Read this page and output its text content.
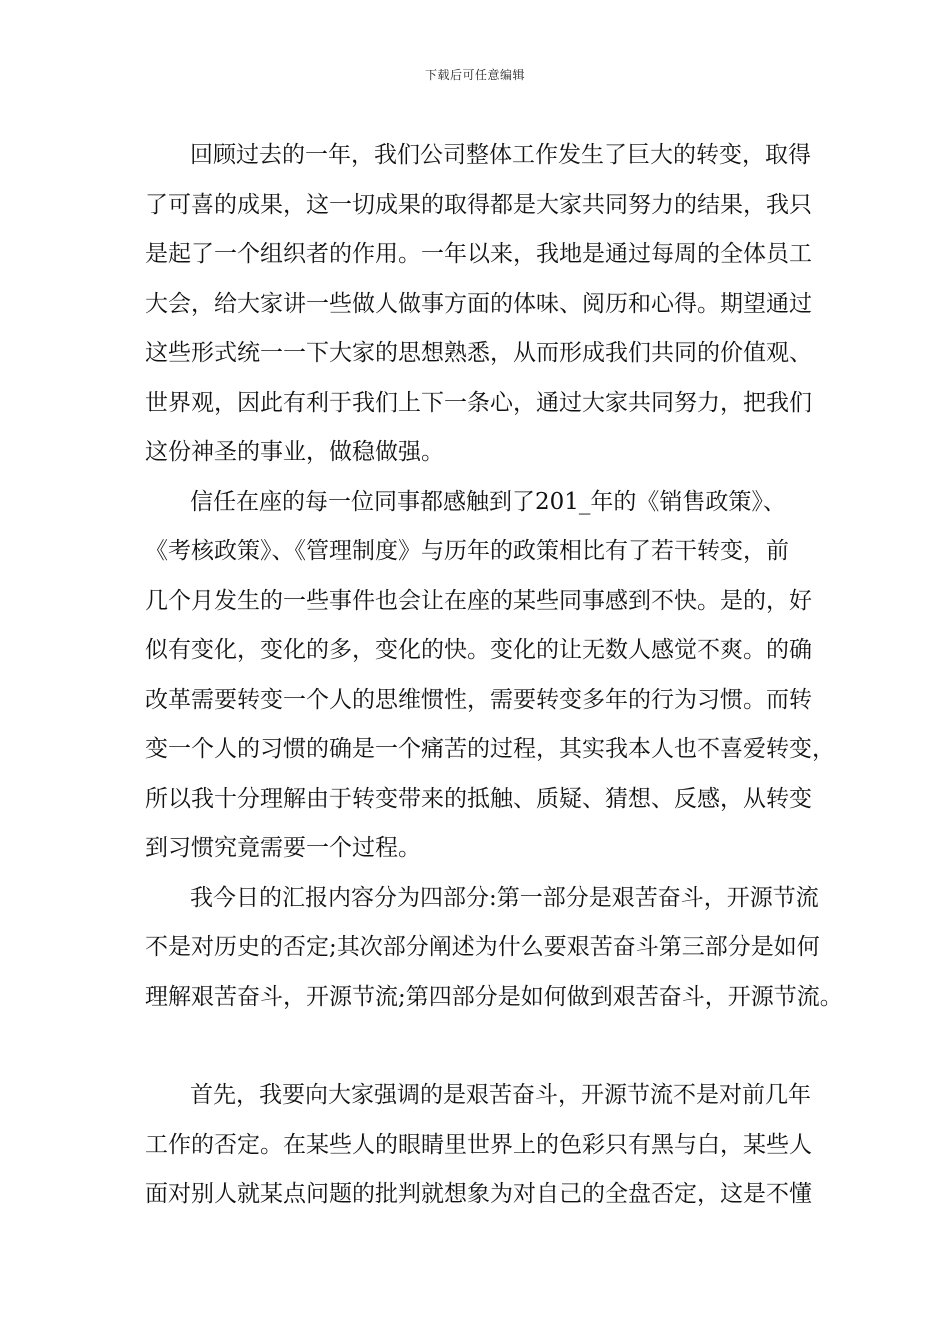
下载后可任意编辑
回顾过去的一年，我们公司整体工作发生了巨大的转变，取得
了可喜的成果，这一切成果的取得都是大家共同努力的结果，我只
是起了一个组织者的作用。一年以来，我地是通过每周的全体员工
大会，给大家讲一些做人做事方面的体味、阅历和心得。期望通过
这些形式统一一下大家的思想熟悉，从而形成我们共同的价值观、
世界观，因此有利于我们上下一条心，通过大家共同努力，把我们
这份神圣的事业，做稳做强。
信任在座的每一位同事都感触到了201_年的《销售政策》、
《考核政策》、《管理制度》与历年的政策相比有了若干转变，前
几个月发生的一些事件也会让在座的某些同事感到不快。是的，好
似有变化，变化的多，变化的快。变化的让无数人感觉不爽。的确
改革需要转变一个人的思维惯性，需要转变多年的行为习惯。而转
变一个人的习惯的确是一个痛苦的过程，其实我本人也不喜爱转变，
所以我十分理解由于转变带来的抵触、质疑、猜想、反感，从转变
到习惯究竟需要一个过程。
我今日的汇报内容分为四部分:第一部分是艰苦奋斗，开源节流
不是对历史的否定;其次部分阐述为什么要艰苦奋斗第三部分是如何
理解艰苦奋斗，开源节流;第四部分是如何做到艰苦奋斗，开源节流。
首先，我要向大家强调的是艰苦奋斗，开源节流不是对前几年
工作的否定。在某些人的眼睛里世界上的色彩只有黑与白，某些人
面对别人就某点问题的批判就想象为对自己的全盘否定，这是不懂
